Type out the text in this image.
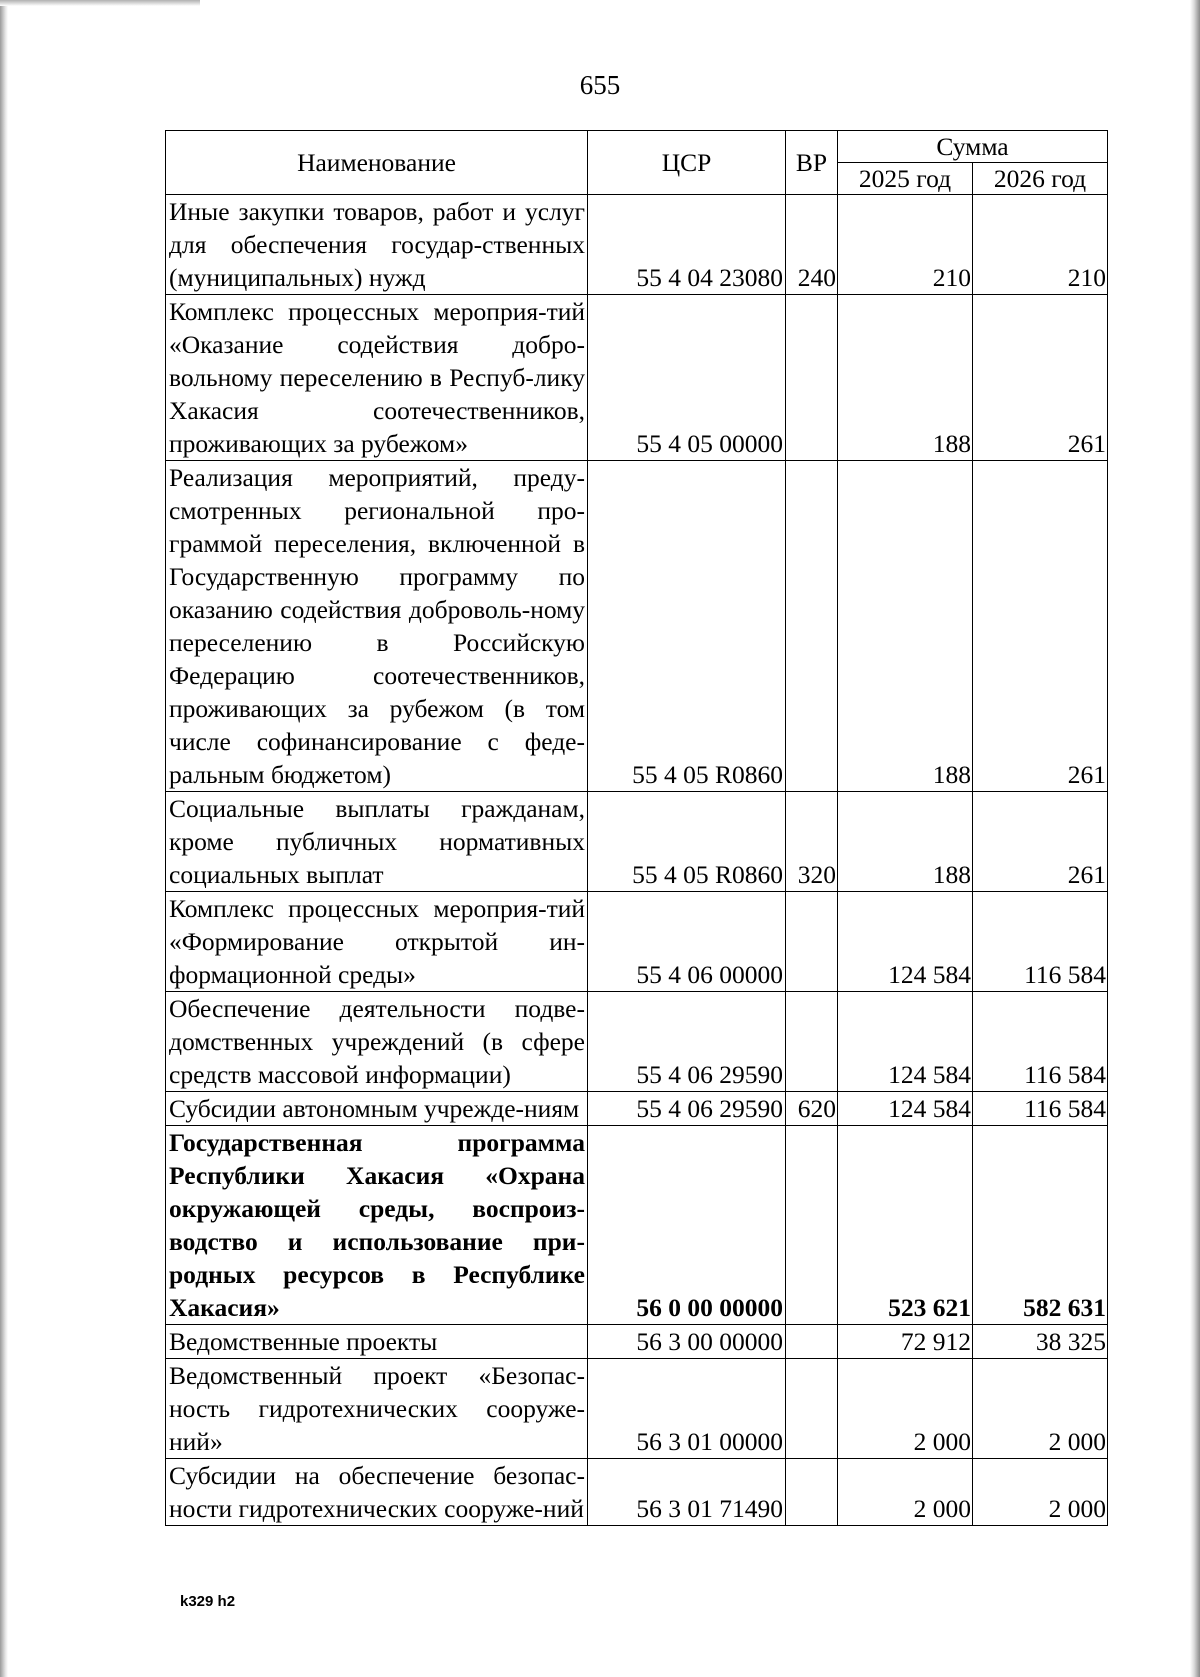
655
Наименование	ЦСР	ВР	Сумма	
			2025 год	2026 год
Иные закупки товаров, работ и услуг для обеспечения государ-ственных (муниципальных) нужд	55 4 04 23080	240	210	210
Комплекс процессных мероприя-тий «Оказание содействия добро-вольному переселению в Респуб-лику Хакасия соотечественников, проживающих за рубежом»	55 4 05 00000		188	261
Реализация мероприятий, преду-смотренных региональной про-граммой переселения, включенной в Государственную программу по оказанию содействия доброволь-ному переселению в Российскую Федерацию соотечественников, проживающих за рубежом (в том числе софинансирование с феде-ральным бюджетом)	55 4 05 R0860		188	261
Социальные выплаты гражданам, кроме публичных нормативных социальных выплат	55 4 05 R0860	320	188	261
Комплекс процессных мероприя-тий «Формирование открытой ин-формационной среды»	55 4 06 00000		124 584	116 584
Обеспечение деятельности подве-домственных учреждений (в сфере средств массовой информации)	55 4 06 29590		124 584	116 584
Субсидии автономным учрежде-ниям	55 4 06 29590	620	124 584	116 584
Государственная программа Республики Хакасия «Охрана окружающей среды, воспроиз-водство и использование при-родных ресурсов в Республике Хакасия»	56 0 00 00000		523 621	582 631
Ведомственные проекты	56 3 00 00000		72 912	38 325
Ведомственный проект «Безопас-ность гидротехнических сооруже-ний»	56 3 01 00000		2 000	2 000
Субсидии на обеспечение безопас-ности гидротехнических сооруже-ний	56 3 01 71490		2 000	2 000
k329 h2
